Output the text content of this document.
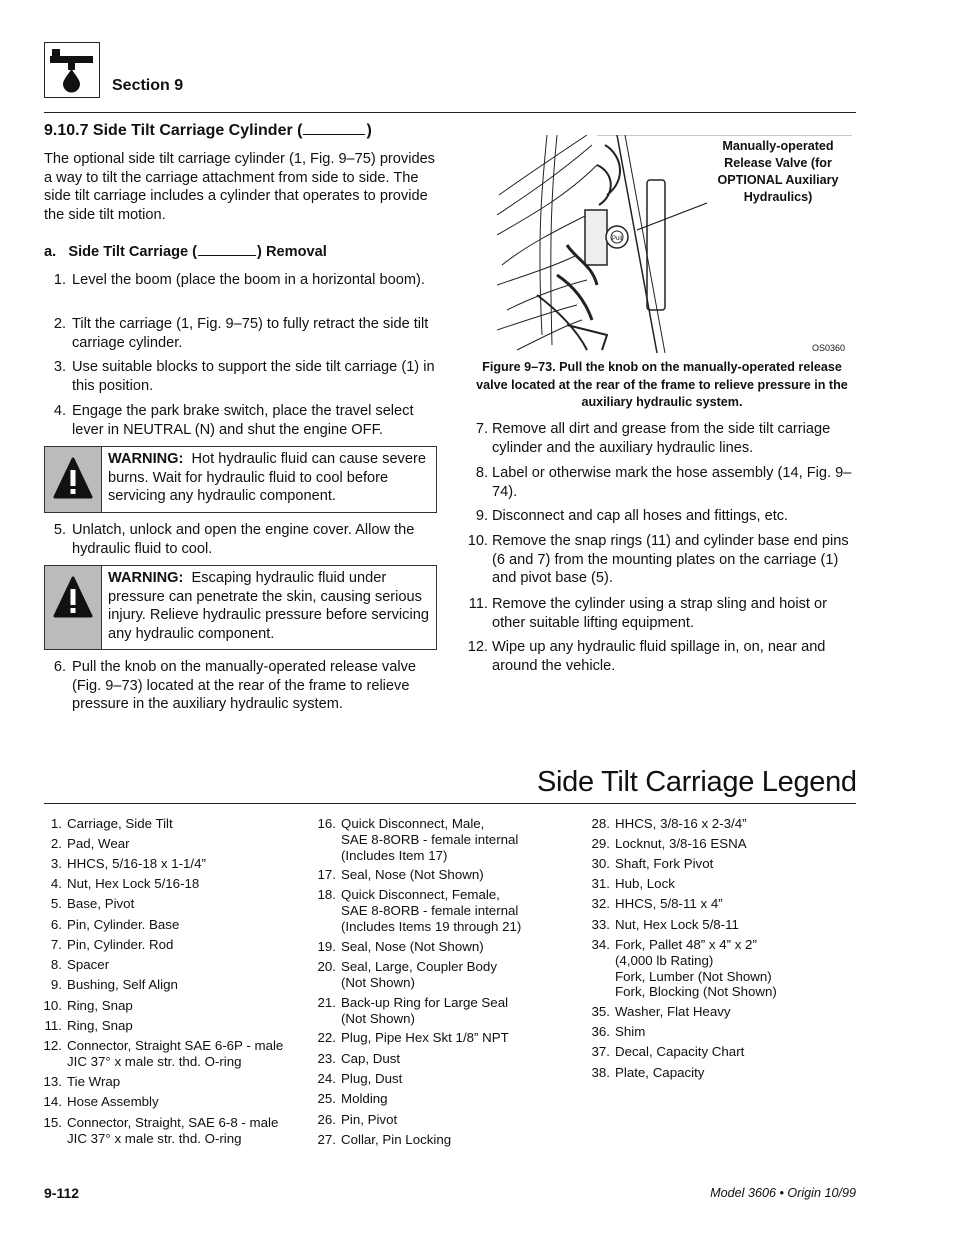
Section 9
9.10.7 Side Tilt Carriage Cylinder (	)
The optional side tilt carriage cylinder (1, Fig. 9–75) provides a way to tilt the carriage attachment from side to side. The side tilt carriage includes a cylinder that operates to provide the side tilt motion.
a. Side Tilt Carriage (	) Removal
1. Level the boom (place the boom in a horizontal boom).
2. Tilt the carriage (1, Fig. 9–75) to fully retract the side tilt carriage cylinder.
3. Use suitable blocks to support the side tilt carriage (1) in this position.
4. Engage the park brake switch, place the travel select lever in NEUTRAL (N) and shut the engine OFF.
WARNING: Hot hydraulic fluid can cause severe burns. Wait for hydraulic fluid to cool before servicing any hydraulic component.
5. Unlatch, unlock and open the engine cover. Allow the hydraulic fluid to cool.
WARNING: Escaping hydraulic fluid under pressure can penetrate the skin, causing serious injury. Relieve hydraulic pressure before servicing any hydraulic component.
6. Pull the knob on the manually-operated release valve (Fig. 9–73) located at the rear of the frame to relieve pressure in the auxiliary hydraulic system.
Pull
Manually-operated Release Valve (for OPTIONAL Auxiliary Hydraulics)
OS0360
Figure 9–73. Pull the knob on the manually-operated release valve located at the rear of the frame to relieve pressure in the auxiliary hydraulic system.
7. Remove all dirt and grease from the side tilt carriage cylinder and the auxiliary hydraulic lines.
8. Label or otherwise mark the hose assembly (14, Fig. 9–74).
9. Disconnect and cap all hoses and fittings, etc.
10. Remove the snap rings (11) and cylinder base end pins (6 and 7) from the mounting plates on the carriage (1) and pivot base (5).
11. Remove the cylinder using a strap sling and hoist or other suitable lifting equipment.
12. Wipe up any hydraulic fluid spillage in, on, near and around the vehicle.
Side Tilt Carriage Legend
1. Carriage, Side Tilt
2. Pad, Wear
3. HHCS, 5/16-18 x 1-1/4”
4. Nut, Hex Lock 5/16-18
5. Base, Pivot
6. Pin, Cylinder. Base
7. Pin, Cylinder. Rod
8. Spacer
9. Bushing, Self Align
10. Ring, Snap
11. Ring, Snap
12. Connector, Straight SAE 6-6P - male
JIC 37° x male str. thd. O-ring
13. Tie Wrap
14. Hose Assembly
15. Connector, Straight, SAE 6-8 - male
JIC 37° x male str. thd. O-ring
16. Quick Disconnect, Male,
SAE 8-8ORB - female internal
(Includes Item 17)
17. Seal, Nose (Not Shown)
18. Quick Disconnect, Female,
SAE 8-8ORB - female internal
(Includes Items 19 through 21)
19. Seal, Nose (Not Shown)
20. Seal, Large, Coupler Body
(Not Shown)
21. Back-up Ring for Large Seal
(Not Shown)
22. Plug, Pipe Hex Skt 1/8” NPT
23. Cap, Dust
24. Plug, Dust
25. Molding
26. Pin, Pivot
27. Collar, Pin Locking
28. HHCS, 3/8-16 x 2-3/4”
29. Locknut, 3/8-16 ESNA
30. Shaft, Fork Pivot
31. Hub, Lock
32. HHCS, 5/8-11 x 4”
33. Nut, Hex Lock 5/8-11
34. Fork, Pallet 48” x 4” x 2”
(4,000 lb Rating)
Fork, Lumber (Not Shown)
Fork, Blocking (Not Shown)
35. Washer, Flat Heavy
36. Shim
37. Decal, Capacity Chart
38. Plate, Capacity
9-112	Model 3606 • Origin 10/99
